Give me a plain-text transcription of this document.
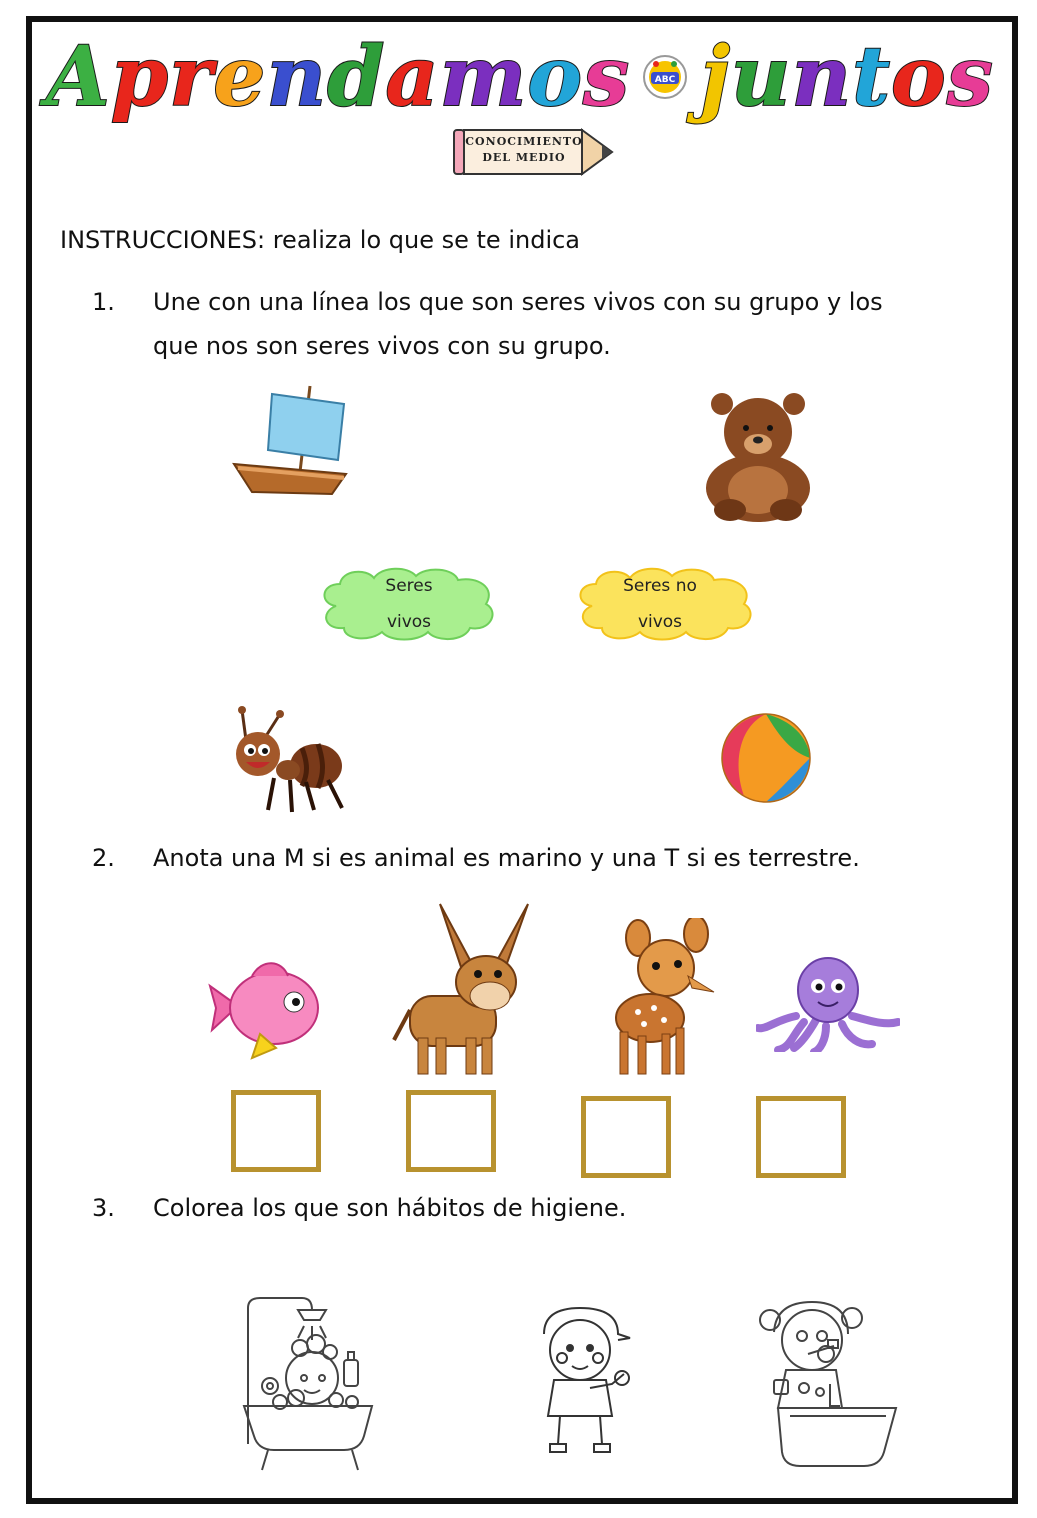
Aprendamos	ABC juntos
CONOCIMIENTO
DEL MEDIO
INSTRUCCIONES: realiza lo que se te indica
1. Une con una línea los que son seres vivos con su grupo y los
que nos son seres vivos con su grupo.
Seres
vivos
Seres no
vivos
2. Anota una M si es animal es marino y una T si es terrestre.
3. Colorea los que son hábitos de higiene.
